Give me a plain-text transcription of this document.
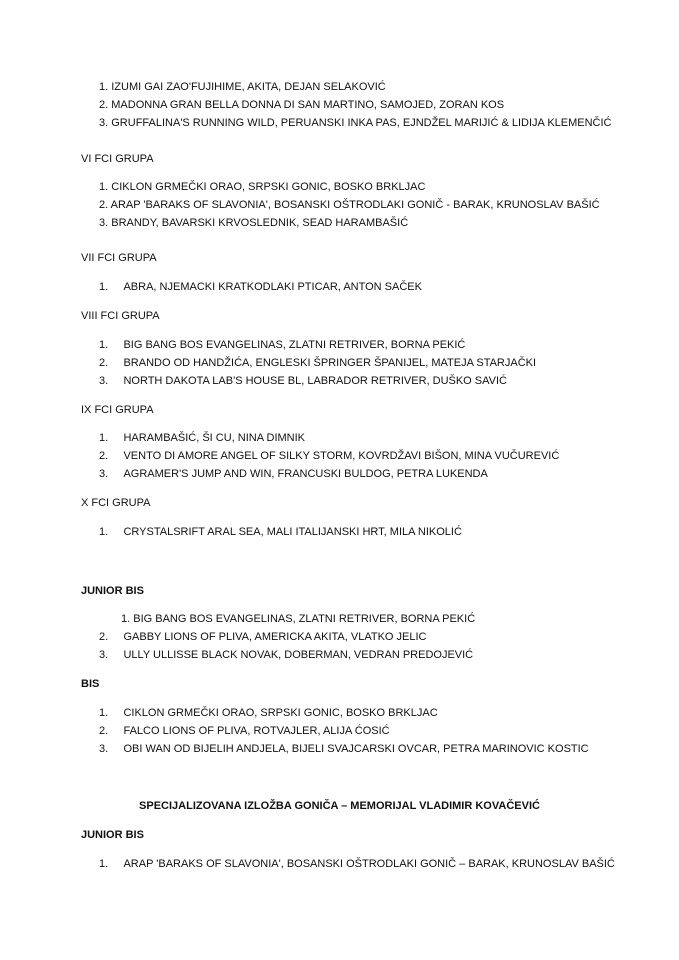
1. IZUMI GAI ZAO'FUJIHIME, AKITA, DEJAN SELAKOVIĆ
2. MADONNA GRAN BELLA DONNA DI SAN MARTINO, SAMOJED, ZORAN KOS
3. GRUFFALINA'S RUNNING WILD, PERUANSKI INKA PAS, EJNDŽEL MARIJIĆ & LIDIJA KLEMENČIĆ
VI FCI GRUPA
1. CIKLON GRMEČKI ORAO, SRPSKI GONIC, BOSKO BRKLJAC
2. ARAP 'BARAKS OF SLAVONIA', BOSANSKI OŠTRODLAKI GONIČ - BARAK, KRUNOSLAV BAŠIĆ
3. BRANDY, BAVARSKI KRVOSLEDNIK, SEAD HARAMBAŠIĆ
VII FCI GRUPA
1. ABRA, NJEMACKI KRATKODLAKI PTICAR, ANTON SAČEK
VIII FCI GRUPA
1. BIG BANG BOS EVANGELINAS, ZLATNI RETRIVER, BORNA PEKIĆ
2. BRANDO OD HANDŽIĆA, ENGLESKI ŠPRINGER ŠPANIJEL, MATEJA STARJAČKI
3. NORTH DAKOTA LAB'S HOUSE BL, LABRADOR RETRIVER, DUŠKO SAVIĆ
IX FCI GRUPA
1. HARAMBAŠIĆ, ŠI CU, NINA DIMNIK
2. VENTO DI AMORE ANGEL OF SILKY STORM, KOVRDŽAVI BIŠON, MINA VUČUREVIĆ
3. AGRAMER'S JUMP AND WIN, FRANCUSKI BULDOG, PETRA LUKENDA
X FCI GRUPA
1. CRYSTALSRIFT ARAL SEA, MALI ITALIJANSKI HRT, MILA NIKOLIĆ
JUNIOR BIS
1. BIG BANG BOS EVANGELINAS, ZLATNI RETRIVER, BORNA PEKIĆ
2. GABBY LIONS OF PLIVA, AMERICKA AKITA, VLATKO JELIC
3. ULLY ULLISSE BLACK NOVAK, DOBERMAN, VEDRAN PREDOJEVIĆ
BIS
1. CIKLON GRMEČKI ORAO, SRPSKI GONIC, BOSKO BRKLJAC
2. FALCO LIONS OF PLIVA, ROTVAJLER, ALIJA ĆOSIĆ
3. OBI WAN OD BIJELIH ANDJELA, BIJELI SVAJCARSKI OVCAR, PETRA MARINOVIC KOSTIC
SPECIJALIZOVANA IZLOŽBA GONIČA – MEMORIJAL VLADIMIR KOVAČEVIĆ
JUNIOR BIS
1. ARAP 'BARAKS OF SLAVONIA', BOSANSKI OŠTRODLAKI GONIČ – BARAK, KRUNOSLAV BAŠIĆ
